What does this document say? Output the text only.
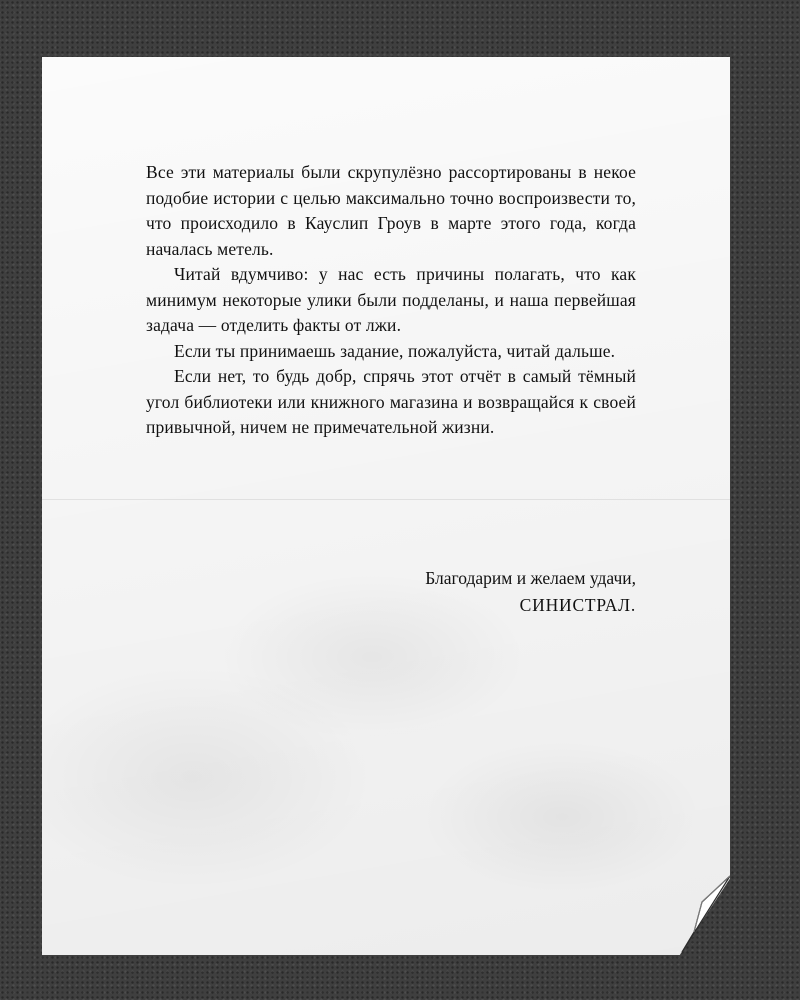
Все эти материалы были скрупулёзно рассортированы в некое подобие истории с целью максимально точно воспроизвести то, что происходило в Кауслип Гроув в марте этого года, когда началась метель.

Читай вдумчиво: у нас есть причины полагать, что как минимум некоторые улики были подделаны, и наша первейшая задача — отделить факты от лжи.

Если ты принимаешь задание, пожалуйста, читай дальше.

Если нет, то будь добр, спрячь этот отчёт в самый тёмный угол библиотеки или книжного магазина и возвращайся к своей привычной, ничем не примечательной жизни.

Благодарим и желаем удачи,
СИНИСТРАЛ.
